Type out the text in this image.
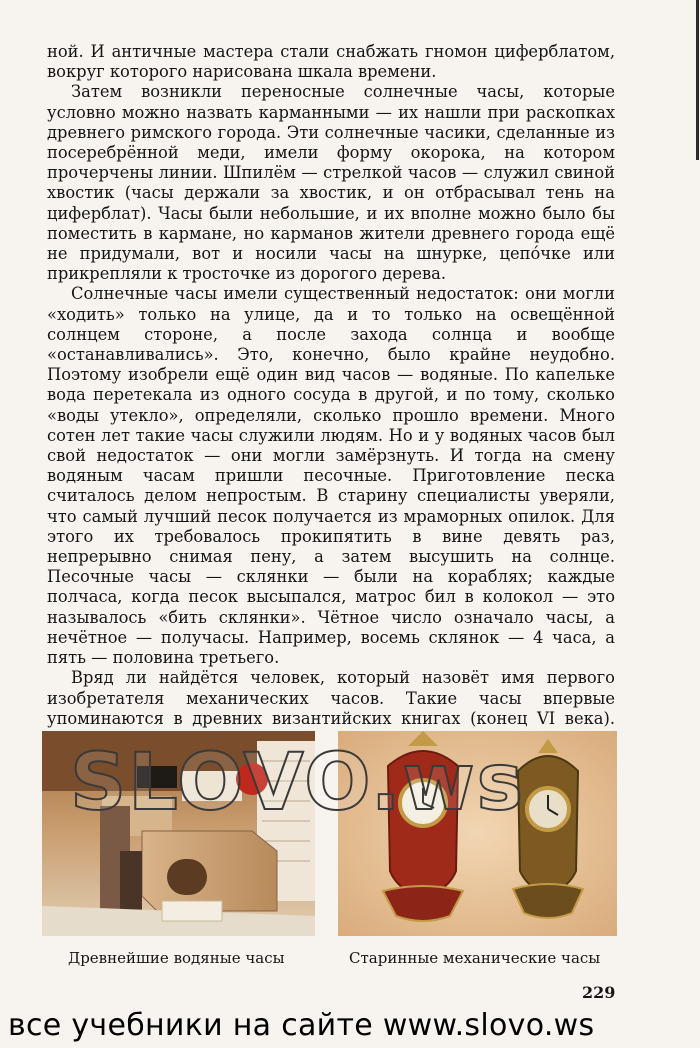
ной. И античные мастера стали снабжать гномон циферблатом, вокруг которого нарисована шкала времени.

Затем возникли переносные солнечные часы, которые условно можно назвать карманными — их нашли при раскопках древнего римского города. Эти солнечные часики, сделанные из посеребрённой меди, имели форму окорока, на котором прочерчены линии. Шпилём — стрелкой часов — служил свиной хвостик (часы держали за хвостик, и он отбрасывал тень на циферблат). Часы были небольшие, и их вполне можно было бы поместить в кармане, но карманов жители древнего города ещё не придумали, вот и носили часы на шнурке, цепо́чке или прикрепляли к тросточке из дорогого дерева.

Солнечные часы имели существенный недостаток: они могли «ходить» только на улице, да и то только на освещённой солнцем стороне, а после захода солнца и вообще «останавливались». Это, конечно, было крайне неудобно. Поэтому изобрели ещё один вид часов — водяные. По капельке вода перетекала из одного сосуда в другой, и по тому, сколько «воды утекло», определяли, сколько прошло времени. Много сотен лет такие часы служили людям. Но и у водяных часов был свой недостаток — они могли замёрзнуть. И тогда на смену водяным часам пришли песочные. Приготовление песка считалось делом непростым. В старину специалисты уверяли, что самый лучший песок получается из мраморных опилок. Для этого их требовалось прокипятить в вине девять раз, непрерывно снимая пену, а затем высушить на солнце. Песочные часы — склянки — были на кораблях; каждые полчаса, когда песок высыпался, матрос бил в колокол — это называлось «бить склянки». Чётное число означало часы, а нечётное — получасы. Например, восемь склянок — 4 часа, а пять — половина третьего.

Вряд ли найдётся человек, который назовёт имя первого изобретателя механических часов. Такие часы впервые упоминаются в древних византийских книгах (конец VI века).

SLOVO.ws
Древнейшие водяные часы	Старинные механические часы
229
все учебники на сайте www.slovo.ws
